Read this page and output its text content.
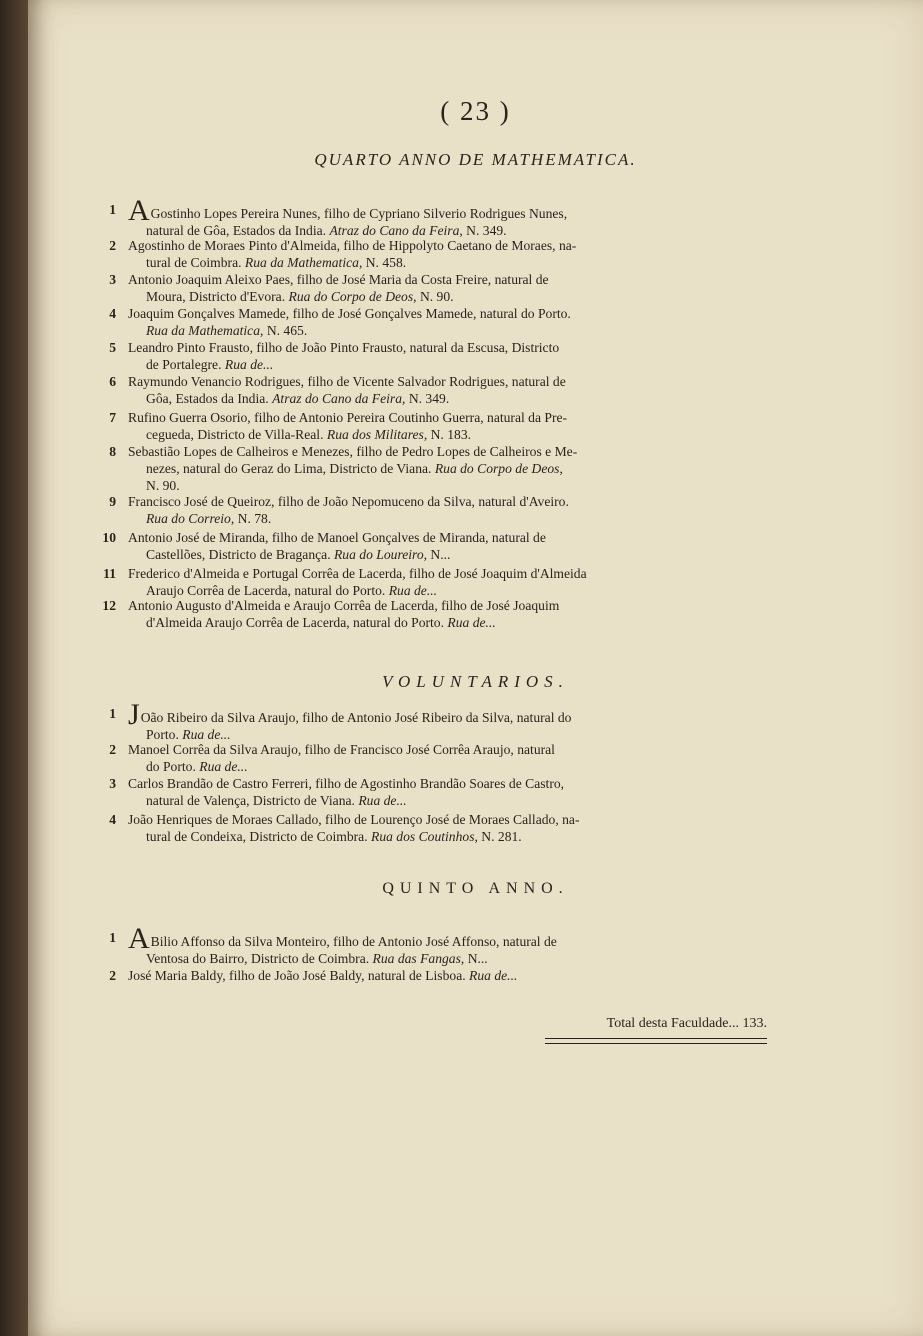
( 23 )
QUARTO ANNO DE MATHEMATICA.
1 AGostinho Lopes Pereira Nunes, filho de Cypriano Silverio Rodrigues Nunes,
natural de Gôa, Estados da India. Atraz do Cano da Feira, N. 349.
2 Agostinho de Moraes Pinto d'Almeida, filho de Hippolyto Caetano de Moraes, na-
tural de Coimbra. Rua da Mathematica, N. 458.
3 Antonio Joaquim Aleixo Paes, filho de José Maria da Costa Freire, natural de
Moura, Districto d'Evora. Rua do Corpo de Deos, N. 90.
4 Joaquim Gonçalves Mamede, filho de José Gonçalves Mamede, natural do Porto.
Rua da Mathematica, N. 465.
5 Leandro Pinto Frausto, filho de João Pinto Frausto, natural da Escusa, Districto
de Portalegre. Rua de...
6 Raymundo Venancio Rodrigues, filho de Vicente Salvador Rodrigues, natural de
Gôa, Estados da India. Atraz do Cano da Feira, N. 349.
7 Rufino Guerra Osorio, filho de Antonio Pereira Coutinho Guerra, natural da Pre-
cegueda, Districto de Villa-Real. Rua dos Militares, N. 183.
8 Sebastião Lopes de Calheiros e Menezes, filho de Pedro Lopes de Calheiros e Me-
nezes, natural do Geraz do Lima, Districto de Viana. Rua do Corpo de Deos,
N. 90.
9 Francisco José de Queiroz, filho de João Nepomuceno da Silva, natural d'Aveiro.
Rua do Correio, N. 78.
10 Antonio José de Miranda, filho de Manoel Gonçalves de Miranda, natural de
Castellões, Districto de Bragança. Rua do Loureiro, N...
11 Frederico d'Almeida e Portugal Corrêa de Lacerda, filho de José Joaquim d'Almeida
Araujo Corrêa de Lacerda, natural do Porto. Rua de...
12 Antonio Augusto d'Almeida e Araujo Corrêa de Lacerda, filho de José Joaquim
d'Almeida Araujo Corrêa de Lacerda, natural do Porto. Rua de...
VOLUNTARIOS.
1 JOão Ribeiro da Silva Araujo, filho de Antonio José Ribeiro da Silva, natural do
Porto. Rua de...
2 Manoel Corrêa da Silva Araujo, filho de Francisco José Corrêa Araujo, natural
do Porto. Rua de...
3 Carlos Brandão de Castro Ferreri, filho de Agostinho Brandão Soares de Castro,
natural de Valença, Districto de Viana. Rua de...
4 João Henriques de Moraes Callado, filho de Lourenço José de Moraes Callado, na-
tural de Condeixa, Districto de Coimbra. Rua dos Coutinhos, N. 281.
QUINTO ANNO.
1 ABilio Affonso da Silva Monteiro, filho de Antonio José Affonso, natural de
Ventosa do Bairro, Districto de Coimbra. Rua das Fangas, N...
2 José Maria Baldy, filho de João José Baldy, natural de Lisboa. Rua de...
Total desta Faculdade... 133.
